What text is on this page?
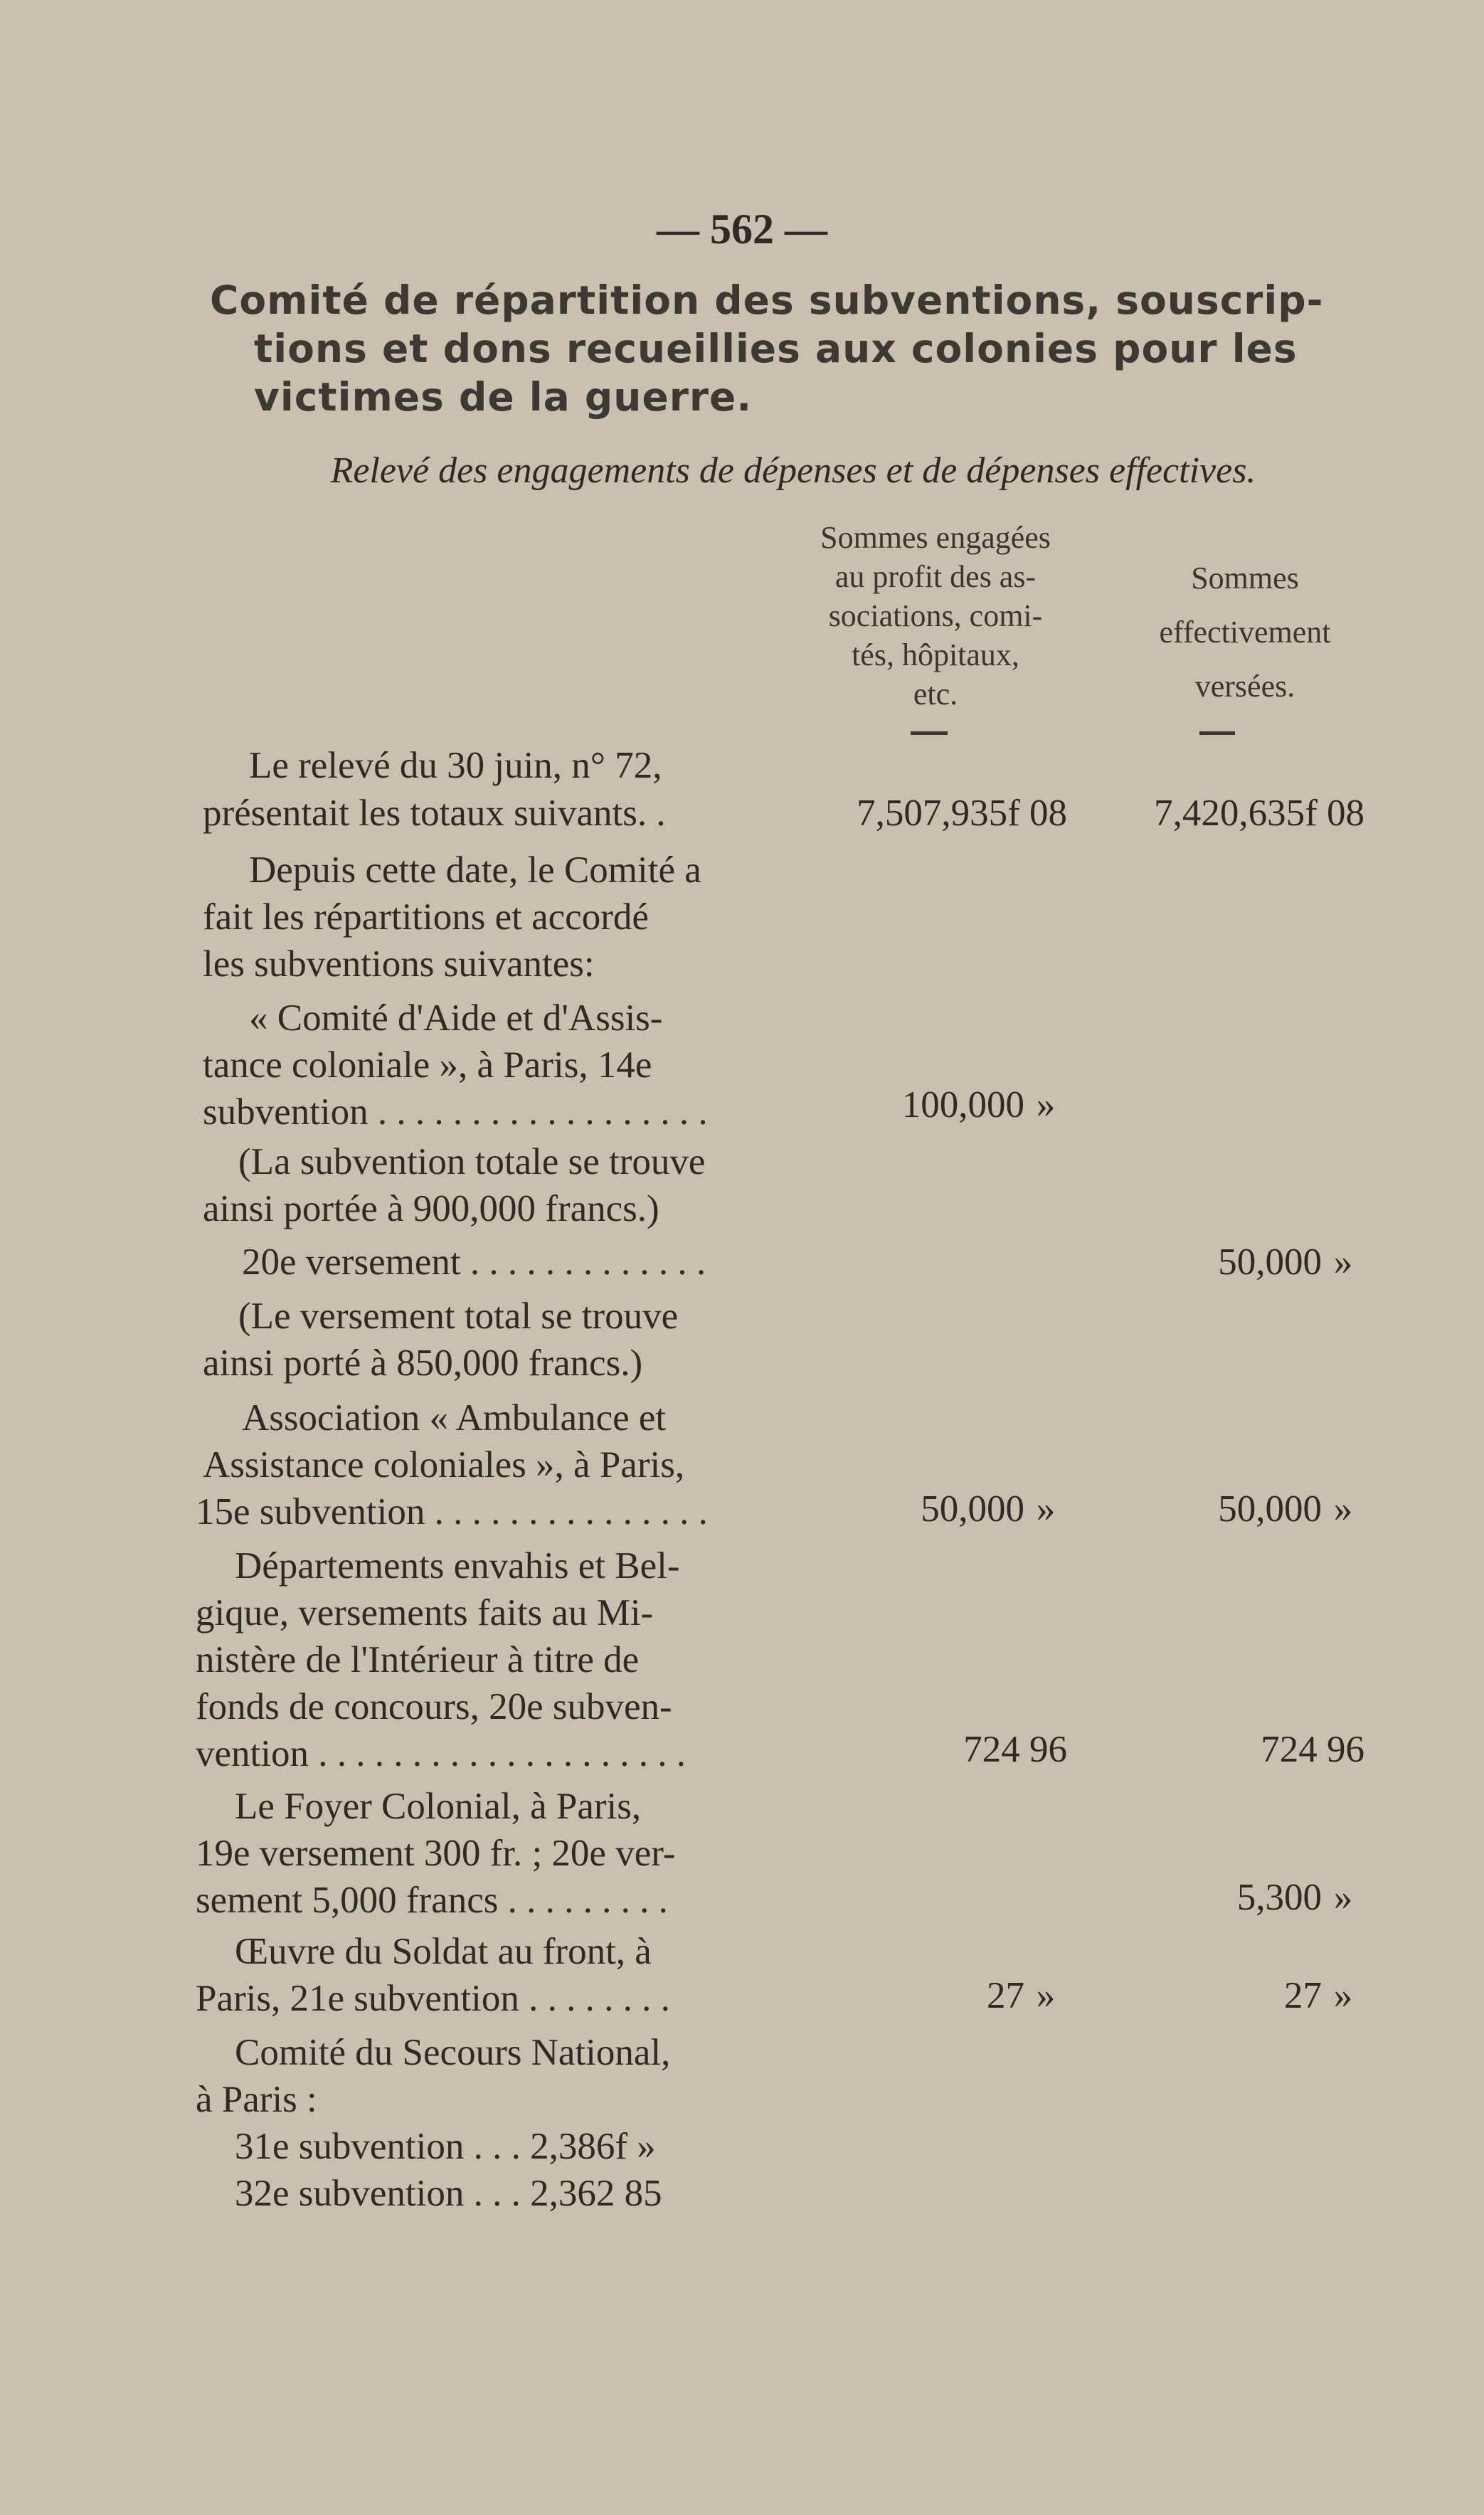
— 562 —
Comité de répartition des subventions, souscrip-
tions et dons recueillies aux colonies pour les
victimes de la guerre.
Relevé des engagements de dépenses et de dépenses effectives.
Sommes engagées
au profit des as-
sociations, comi-
tés, hôpitaux,
etc.
Sommes
effectivement
versées.
Le relevé du 30 juin, n° 72,
présentait les totaux suivants. .
Depuis cette date, le Comité a
fait les répartitions et accordé
les subventions suivantes:
« Comité d'Aide et d'Assis-
tance coloniale », à Paris, 14e
subvention . . . . . . . . . . . . . . . . . .
(La subvention totale se trouve
ainsi portée à 900,000 francs.)
20e versement . . . . . . . . . . . . .
(Le versement total se trouve
ainsi porté à 850,000 francs.)
Association « Ambulance et
Assistance coloniales », à Paris,
15e subvention . . . . . . . . . . . . . . .
Départements envahis et Bel-
gique, versements faits au Mi-
nistère de l'Intérieur à titre de
fonds de concours, 20e subven-
vention . . . . . . . . . . . . . . . . . . . .
Le Foyer Colonial, à Paris,
19e versement 300 fr. ; 20e ver-
sement 5,000 francs . . . . . . . . .
Œuvre du Soldat au front, à
Paris, 21e subvention . . . . . . . .
Comité du Secours National,
à Paris :
31e subvention . . . 2,386f »
32e subvention . . . 2,362 85
7,507,935f 08
100,000 »
50,000 »
724 96
27 »
7,420,635f 08
50,000 »
50,000 »
724 96
5,300 »
27 »
